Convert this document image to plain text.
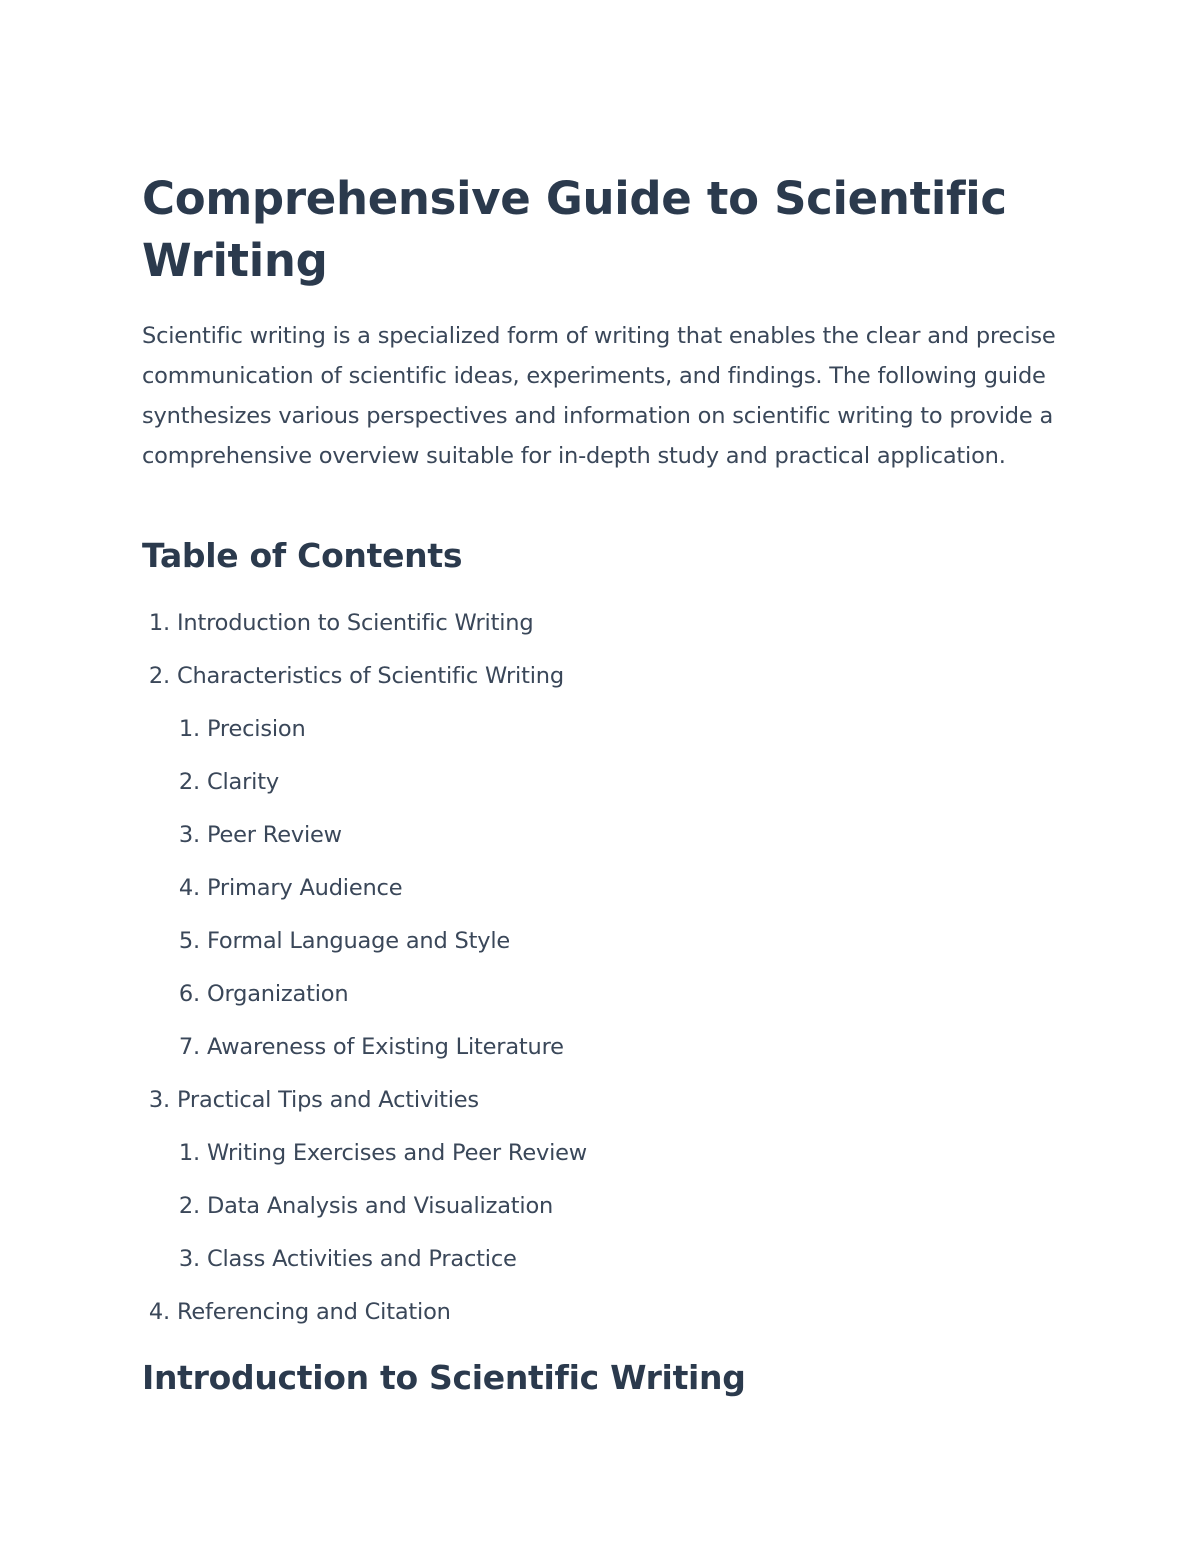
Comprehensive Guide to Scientific Writing

Scientific writing is a specialized form of writing that enables the clear and precise communication of scientific ideas, experiments, and findings. The following guide synthesizes various perspectives and information on scientific writing to provide a comprehensive overview suitable for in-depth study and practical application.

Table of Contents
1. Introduction to Scientific Writing
2. Characteristics of Scientific Writing
1. Precision
2. Clarity
3. Peer Review
4. Primary Audience
5. Formal Language and Style
6. Organization
7. Awareness of Existing Literature
3. Practical Tips and Activities
1. Writing Exercises and Peer Review
2. Data Analysis and Visualization
3. Class Activities and Practice
4. Referencing and Citation
Introduction to Scientific Writing
